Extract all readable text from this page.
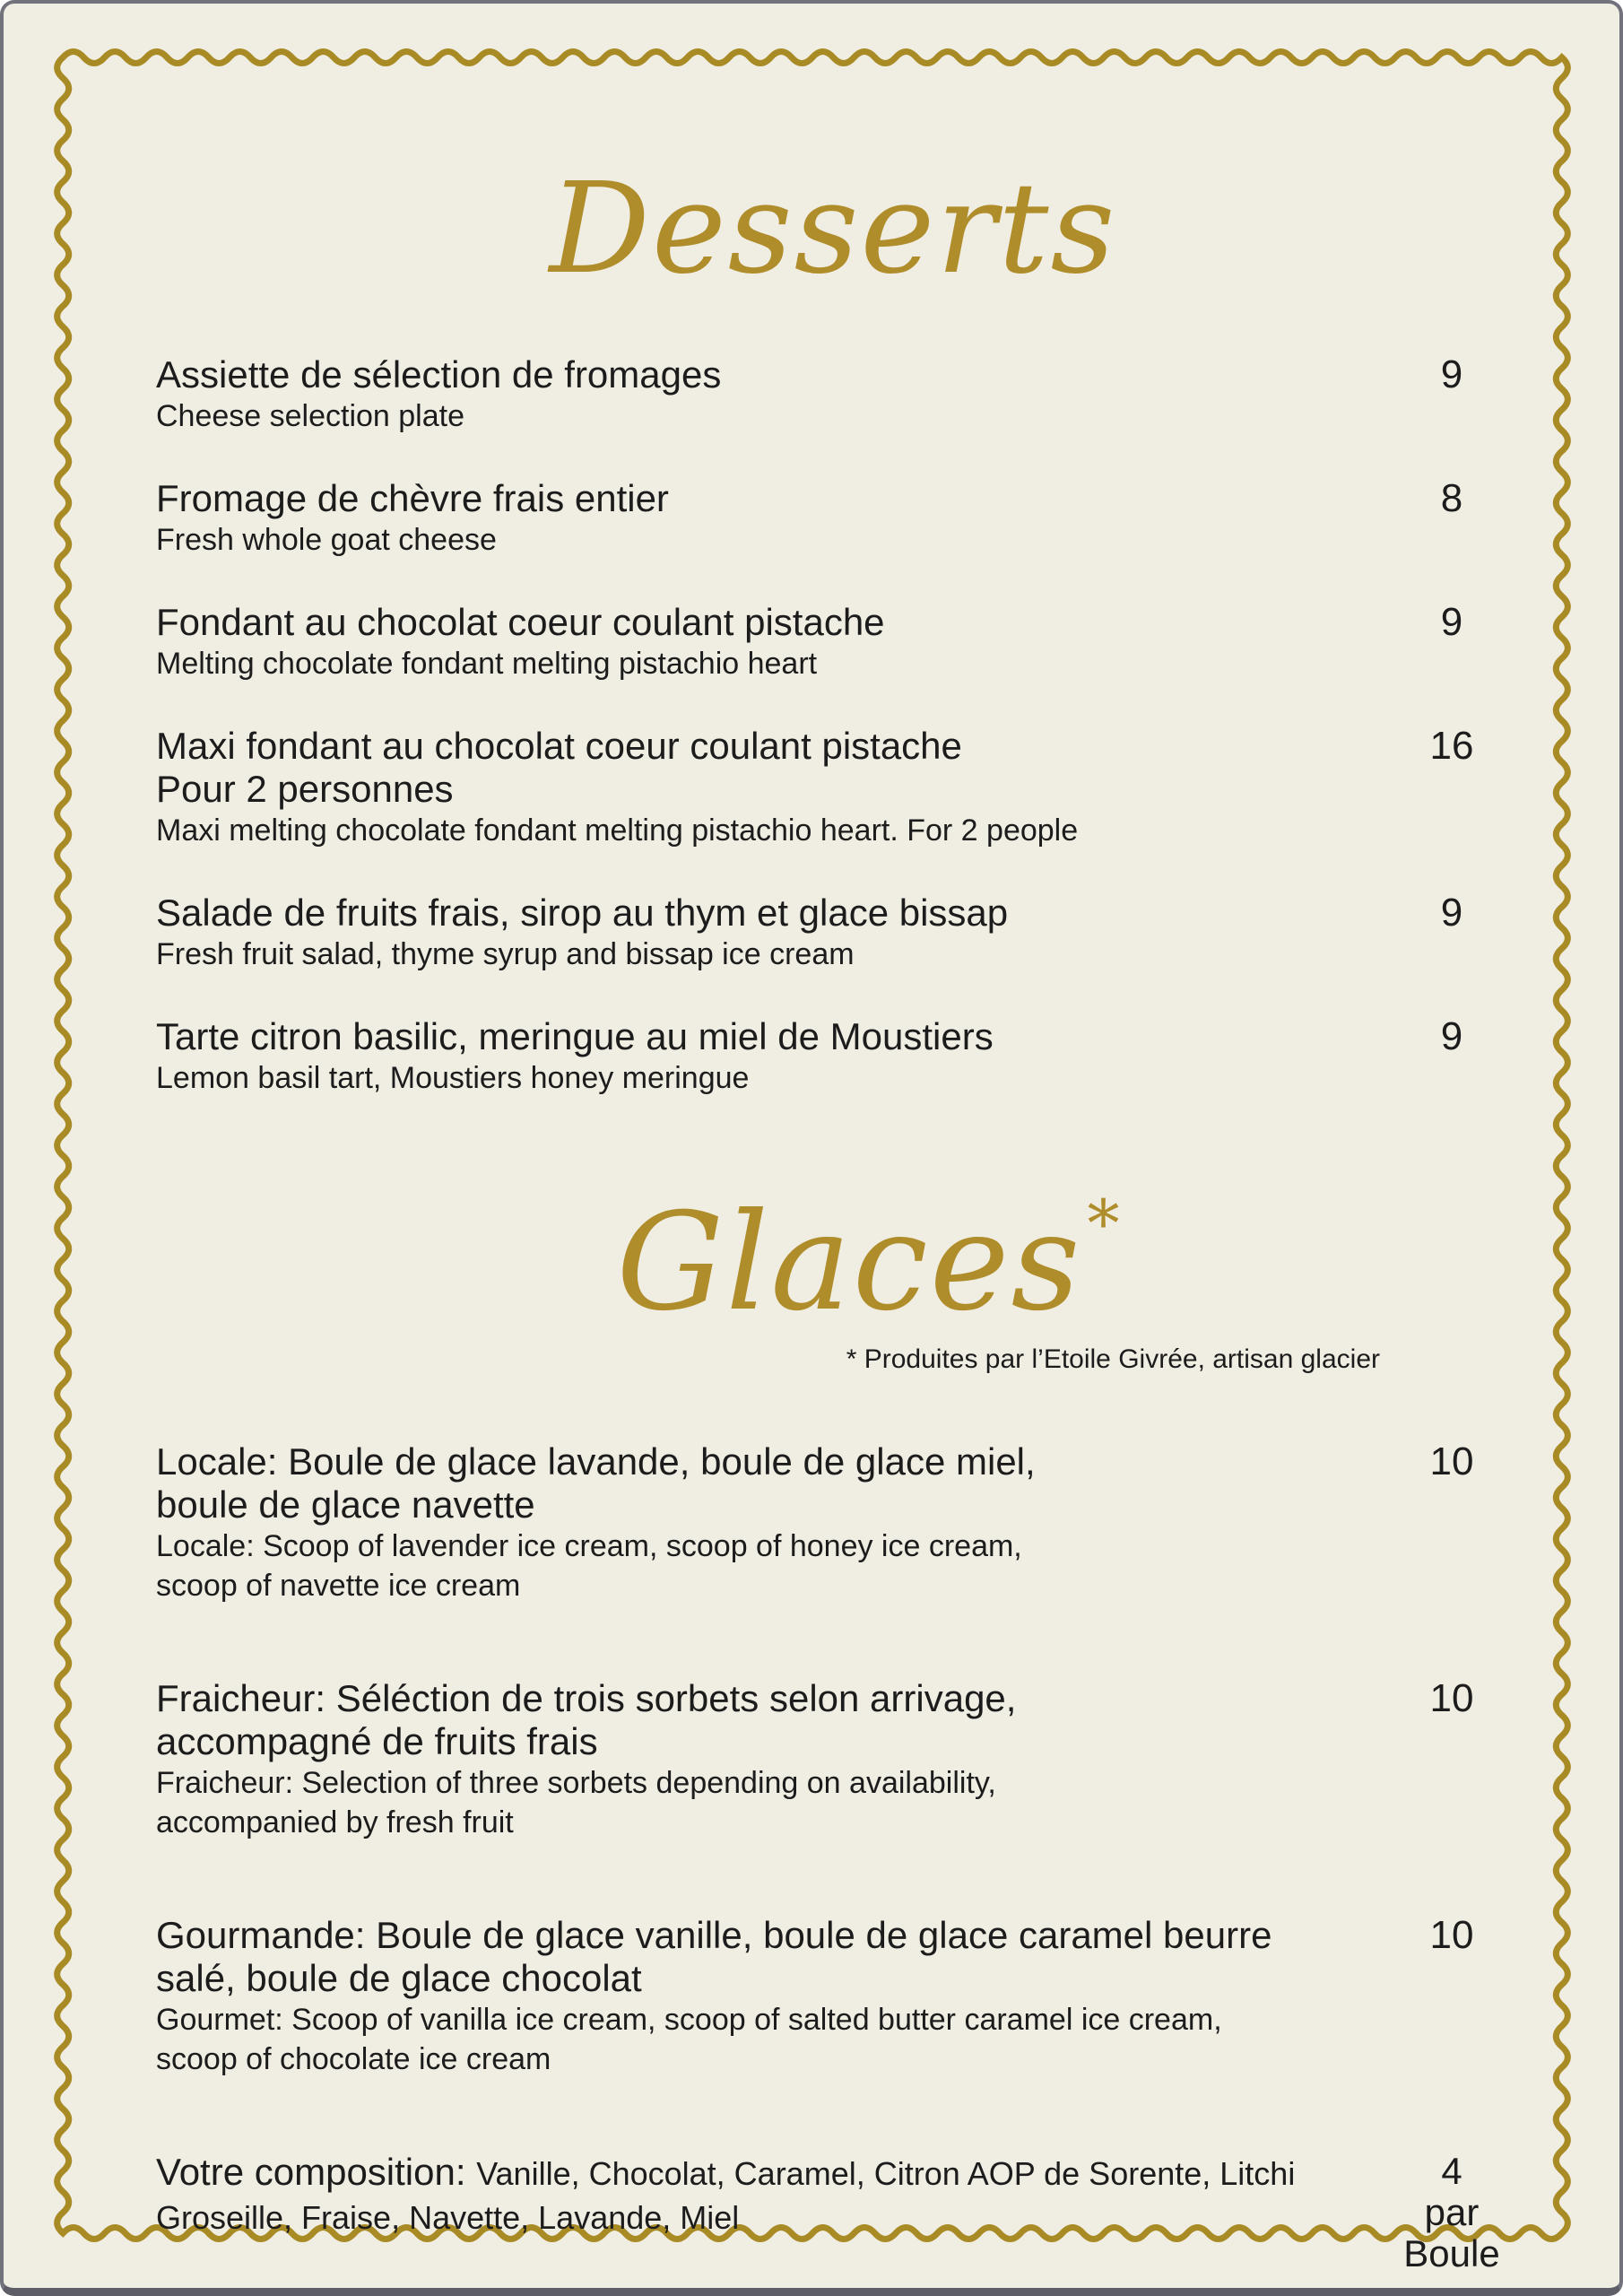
Desserts
Assiette de sélection de fromages
Cheese selection plate
9
Fromage de chèvre frais entier
Fresh whole goat cheese
8
Fondant au chocolat coeur coulant pistache
Melting chocolate fondant melting pistachio heart
9
Maxi fondant au chocolat coeur coulant pistache
Pour 2 personnes
Maxi melting chocolate fondant melting pistachio heart. For 2 people
16
Salade de fruits frais, sirop au thym et glace bissap
Fresh fruit salad, thyme syrup and bissap ice cream
9
Tarte citron basilic, meringue au miel de Moustiers
Lemon basil tart, Moustiers honey meringue
9
Glaces*
* Produites par l’Etoile Givrée, artisan glacier
Locale: Boule de glace lavande, boule de glace miel,
boule de glace navette
Locale: Scoop of lavender ice cream, scoop of honey ice cream,
scoop of navette ice cream
10
Fraicheur: Séléction de trois sorbets selon arrivage,
accompagné de fruits frais
Fraicheur: Selection of three sorbets depending on availability,
accompanied by fresh fruit
10
Gourmande: Boule de glace vanille, boule de glace caramel beurre
salé, boule de glace chocolat
Gourmet: Scoop of vanilla ice cream, scoop of salted butter caramel ice cream,
scoop of chocolate ice cream
10
Votre composition: Vanille, Chocolat, Caramel, Citron AOP de Sorente, Litchi
Groseille, Fraise, Navette, Lavande, Miel
4
par
Boule
